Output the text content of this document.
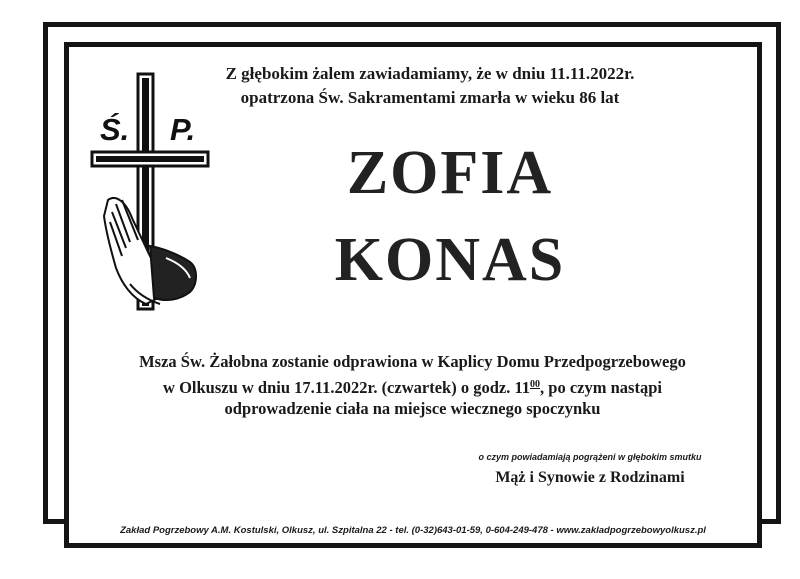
Ś. P.
Z głębokim żalem zawiadamiamy, że w dniu 11.11.2022r.
opatrzona Św. Sakramentami zmarła w wieku 86 lat
ZOFIA
KONAS
Msza Św. Żałobna zostanie odprawiona w Kaplicy Domu Przedpogrzebowego
w Olkuszu w dniu 17.11.2022r. (czwartek) o godz. $11^{00}$, po czym nastąpi
odprowadzenie ciała na miejsce wiecznego spoczynku
o czym powiadamiają pogrążeni w głębokim smutku
Mąż i Synowie z Rodzinami
Zakład Pogrzebowy A.M. Kostulski, Olkusz, ul. Szpitalna 22 - tel. (0-32)643-01-59, 0-604-249-478 - www.zakladpogrzebowyolkusz.pl
